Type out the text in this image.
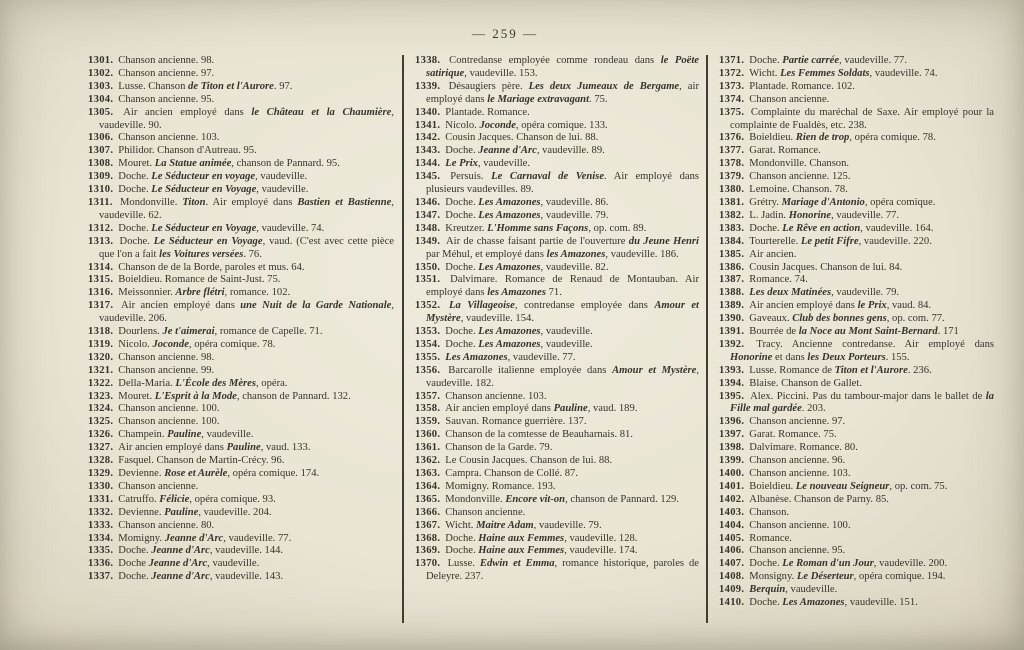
— 259 —

1301. Chanson ancienne. 98.

1302. Chanson ancienne. 97.

1303. Lusse. Chanson de Titon et l'Aurore. 97.

1304. Chanson ancienne. 95.

1305. Air ancien employé dans le Château et la Chaumière, vaudeville. 90.

1306. Chanson ancienne. 103.

1307. Philidor. Chanson d'Autreau. 95.

1308. Mouret. La Statue animée, chanson de Pannard. 95.

1309. Doche. Le Séducteur en voyage, vaudeville.

1310. Doche. Le Séducteur en Voyage, vaudeville.

1311. Mondonville. Titon. Air employé dans Bastien et Bastienne, vaudeville. 62.

1312. Doche. Le Séducteur en Voyage, vaudeville. 74.

1313. Doche. Le Séducteur en Voyage, vaud. (C'est avec cette pièce que l'on a fait les Voitures versées. 76.

1314. Chanson de de la Borde, paroles et mus. 64.

1315. Boieldieu. Romance de Saint-Just. 75.

1316. Meissonnier. Arbre flétri, romance. 102.

1317. Air ancien employé dans une Nuit de la Garde Nationale, vaudeville. 206.

1318. Dourlens. Je t'aimerai, romance de Capelle. 71.

1319. Nicolo. Joconde, opéra comique. 78.

1320. Chanson ancienne. 98.

1321. Chanson ancienne. 99.

1322. Della-Maria. L'École des Mères, opéra.

1323. Mouret. L'Esprit à la Mode, chanson de Pannard. 132.

1324. Chanson ancienne. 100.

1325. Chanson ancienne. 100.

1326. Champein. Pauline, vaudeville.

1327. Air ancien employé dans Pauline, vaud. 133.

1328. Fasquel. Chanson de Martin-Crécy. 96.

1329. Devienne. Rose et Aurèle, opéra comique. 174.

1330. Chanson ancienne.

1331. Catruffo. Félicie, opéra comique. 93.

1332. Devienne. Pauline, vaudeville. 204.

1333. Chanson ancienne. 80.

1334. Momigny. Jeanne d'Arc, vaudeville. 77.

1335. Doche. Jeanne d'Arc, vaudeville. 144.

1336. Doche Jeanne d'Arc, vaudeville.

1337. Doche. Jeanne d'Arc, vaudeville. 143.

1338. Contredanse employée comme rondeau dans le Poëte satirique, vaudeville. 153.

1339. Désaugiers père. Les deux Jumeaux de Bergame, air employé dans le Mariage extravagant. 75.

1340. Plantade. Romance.

1341. Nicolo. Joconde, opéra comique. 133.

1342. Cousin Jacques. Chanson de lui. 88.

1343. Doche. Jeanne d'Arc, vaudeville. 89.

1344. Le Prix, vaudeville.

1345. Persuis. Le Carnaval de Venise. Air employé dans plusieurs vaudevilles. 89.

1346. Doche. Les Amazones, vaudeville. 86.

1347. Doche. Les Amazones, vaudeville. 79.

1348. Kreutzer. L'Homme sans Façons, op. com. 89.

1349. Air de chasse faisant partie de l'ouverture du Jeune Henri par Méhul, et employé dans les Amazones, vaudeville. 186.

1350. Doche. Les Amazones, vaudeville. 82.

1351. Dalvimare. Romance de Renaud de Montauban. Air employé dans les Amazones 71.

1352. La Villageoise, contredanse employée dans Amour et Mystère, vaudeville. 154.

1353. Doche. Les Amazones, vaudeville.

1354. Doche. Les Amazones, vaudeville.

1355. Les Amazones, vaudeville. 77.

1356. Barcarolle italienne employée dans Amour et Mystère, vaudeville. 182.

1357. Chanson ancienne. 103.

1358. Air ancien employé dans Pauline, vaud. 189.

1359. Sauvan. Romance guerrière. 137.

1360. Chanson de la comtesse de Beauharnais. 81.

1361. Chanson de la Garde. 79.

1362. Le Cousin Jacques. Chanson de lui. 88.

1363. Campra. Chanson de Collé. 87.

1364. Momigny. Romance. 193.

1365. Mondonville. Encore vit-on, chanson de Pannard. 129.

1366. Chanson ancienne.

1367. Wicht. Maitre Adam, vaudeville. 79.

1368. Doche. Haine aux Femmes, vaudeville. 128.

1369. Doche. Haine aux Femmes, vaudeville. 174.

1370. Lusse. Edwin et Emma, romance historique, paroles de Deleyre. 237.

1371. Doche. Partie carrée, vaudeville. 77.

1372. Wicht. Les Femmes Soldats, vaudeville. 74.

1373. Plantade. Romance. 102.

1374. Chanson ancienne.

1375. Complainte du maréchal de Saxe. Air employé pour la complainte de Fualdès, etc. 238.

1376. Boieldieu. Rien de trop, opéra comique. 78.

1377. Garat. Romance.

1378. Mondonville. Chanson.

1379. Chanson ancienne. 125.

1380. Lemoine. Chanson. 78.

1381. Grétry. Mariage d'Antonio, opéra comique.

1382. L. Jadin. Honorine, vaudeville. 77.

1383. Doche. Le Rêve en action, vaudeville. 164.

1384. Tourterelle. Le petit Fifre, vaudeville. 220.

1385. Air ancien.

1386. Cousin Jacques. Chanson de lui. 84.

1387. Romance. 74.

1388. Les deux Matinées, vaudeville. 79.

1389. Air ancien employé dans le Prix, vaud. 84.

1390. Gaveaux. Club des bonnes gens, op. com. 77.

1391. Bourrée de la Noce au Mont Saint-Bernard. 171

1392. Tracy. Ancienne contredanse. Air employé dans Honorine et dans les Deux Porteurs. 155.

1393. Lusse. Romance de Titon et l'Aurore. 236.

1394. Blaise. Chanson de Gallet.

1395. Alex. Piccini. Pas du tambour-major dans le ballet de la Fille mal gardée. 203.

1396. Chanson ancienne. 97.

1397. Garat. Romance. 75.

1398. Dalvimare. Romance. 80.

1399. Chanson ancienne. 96.

1400. Chanson ancienne. 103.

1401. Boieldieu. Le nouveau Seigneur, op. com. 75.

1402. Albanèse. Chanson de Parny. 85.

1403. Chanson.

1404. Chanson ancienne. 100.

1405. Romance.

1406. Chanson ancienne. 95.

1407. Doche. Le Roman d'un Jour, vaudeville. 200.

1408. Monsigny. Le Déserteur, opéra comique. 194.

1409. Berquin, vaudeville.

1410. Doche. Les Amazones, vaudeville. 151.
